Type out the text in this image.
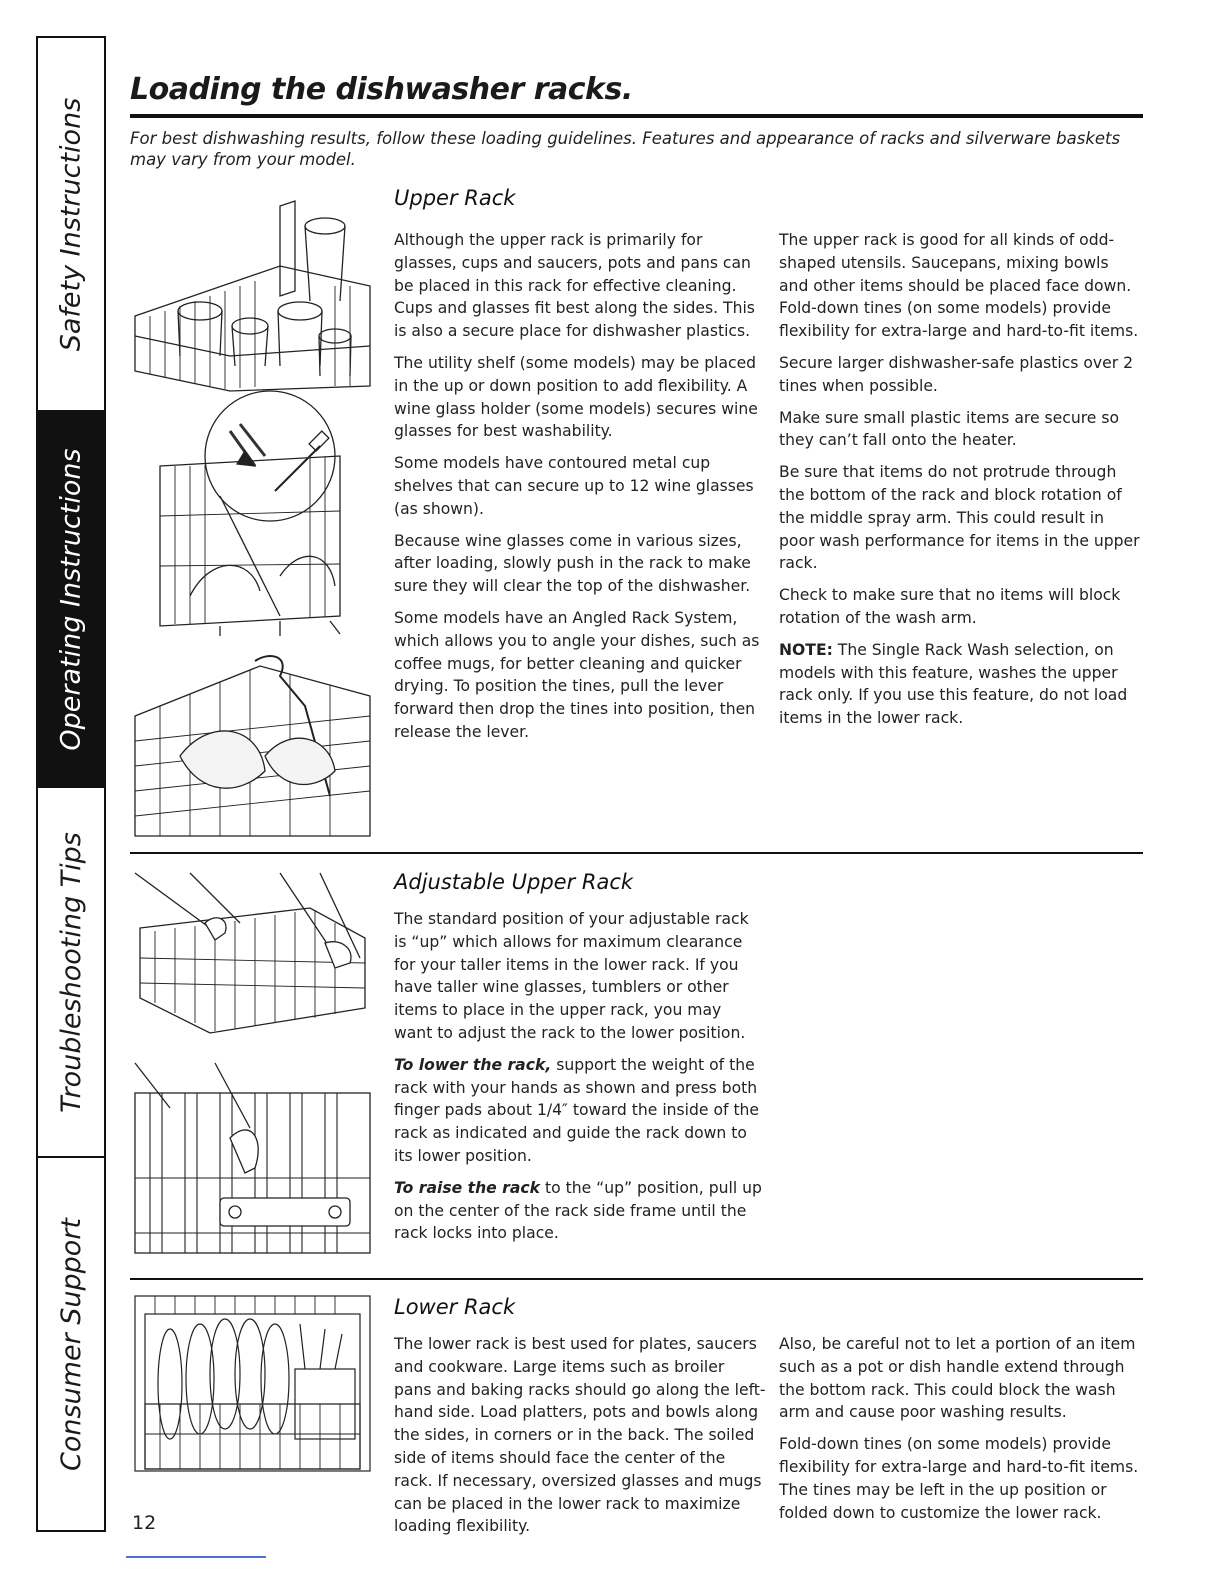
Safety Instructions
Operating Instructions
Troubleshooting Tips
Consumer Support
Loading the dishwasher racks.

For best dishwashing results, follow these loading guidelines. Features and appearance of racks and silverware baskets may vary from your model.

Upper Rack

Although the upper rack is primarily for glasses, cups and saucers, pots and pans can be placed in this rack for effective cleaning. Cups and glasses fit best along the sides. This is also a secure place for dishwasher plastics.

The utility shelf (some models) may be placed in the up or down position to add flexibility. A wine glass holder (some models) secures wine glasses for best washability.

Some models have contoured metal cup shelves that can secure up to 12 wine glasses (as shown).

Because wine glasses come in various sizes, after loading, slowly push in the rack to make sure they will clear the top of the dishwasher.

Some models have an Angled Rack System, which allows you to angle your dishes, such as coffee mugs, for better cleaning and quicker drying. To position the tines, pull the lever forward then drop the tines into position, then release the lever.

The upper rack is good for all kinds of odd-shaped utensils. Saucepans, mixing bowls and other items should be placed face down. Fold-down tines (on some models) provide flexibility for extra-large and hard-to-fit items.

Secure larger dishwasher-safe plastics over 2 tines when possible.

Make sure small plastic items are secure so they can’t fall onto the heater.

Be sure that items do not protrude through the bottom of the rack and block rotation of the middle spray arm. This could result in poor wash performance for items in the upper rack.

Check to make sure that no items will block rotation of the wash arm.

NOTE: The Single Rack Wash selection, on models with this feature, washes the upper rack only. If you use this feature, do not load items in the lower rack.

Adjustable Upper Rack

The standard position of your adjustable rack is “up” which allows for maximum clearance for your taller items in the lower rack. If you have taller wine glasses, tumblers or other items to place in the upper rack, you may want to adjust the rack to the lower position.

To lower the rack, support the weight of the rack with your hands as shown and press both finger pads about 1/4″ toward the inside of the rack as indicated and guide the rack down to its lower position.

To raise the rack to the “up” position, pull up on the center of the rack side frame until the rack locks into place.

Lower Rack

The lower rack is best used for plates, saucers and cookware. Large items such as broiler pans and baking racks should go along the left-hand side. Load platters, pots and bowls along the sides, in corners or in the back. The soiled side of items should face the center of the rack. If necessary, oversized glasses and mugs can be placed in the lower rack to maximize loading flexibility.

Also, be careful not to let a portion of an item such as a pot or dish handle extend through the bottom rack. This could block the wash arm and cause poor washing results.

Fold-down tines (on some models) provide flexibility for extra-large and hard-to-fit items. The tines may be left in the up position or folded down to customize the lower rack.

12
